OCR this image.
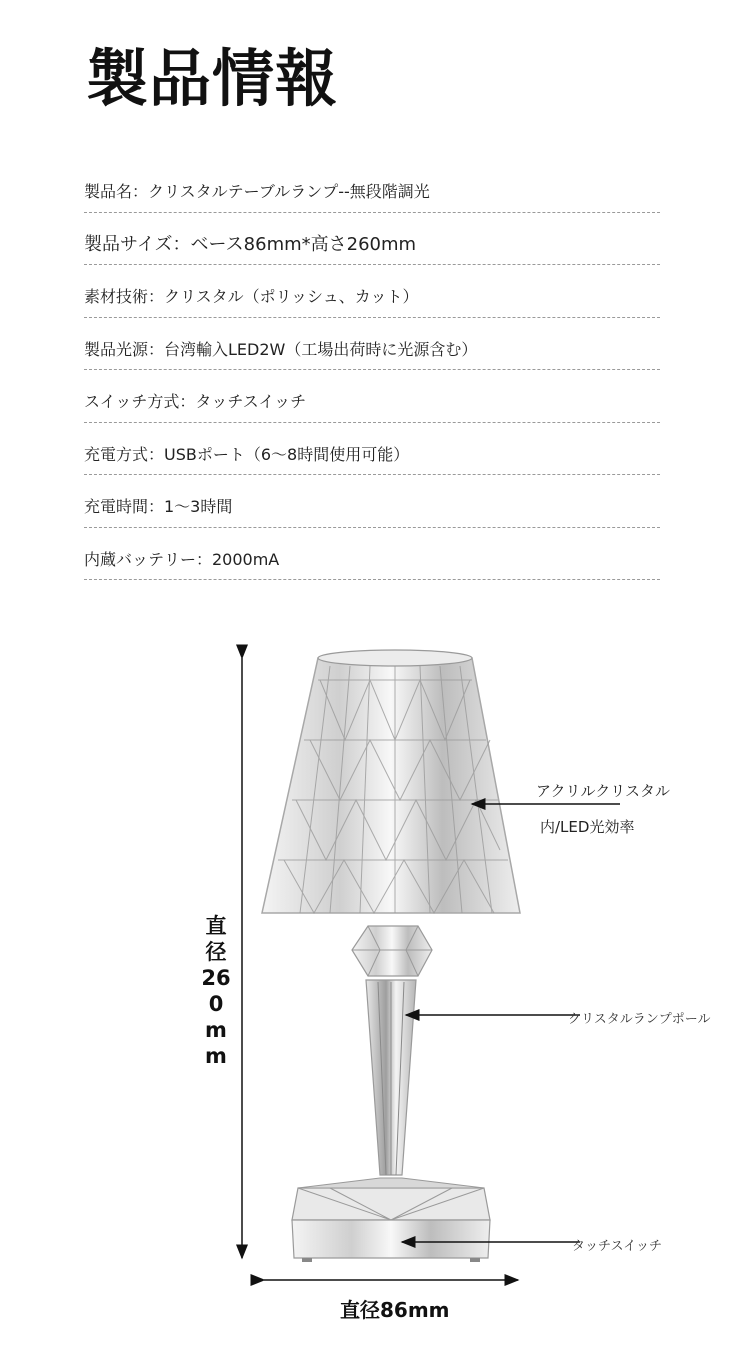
製品情報
製品名：クリスタルテーブルランプ--無段階調光
製品サイズ：ベース86mm*高さ260mm
素材技術：クリスタル（ポリッシュ、カット）
製品光源：台湾輸入LED2W（工場出荷時に光源含む）
スイッチ方式：タッチスイッチ
充電方式：USBポート（6～8時間使用可能）
充電時間：1～3時間
内蔵バッテリー：2000mA
アクリルクリスタル
内/LED光効率
クリスタルランプポール
タッチスイッチ
直径260mm
直径86mm
